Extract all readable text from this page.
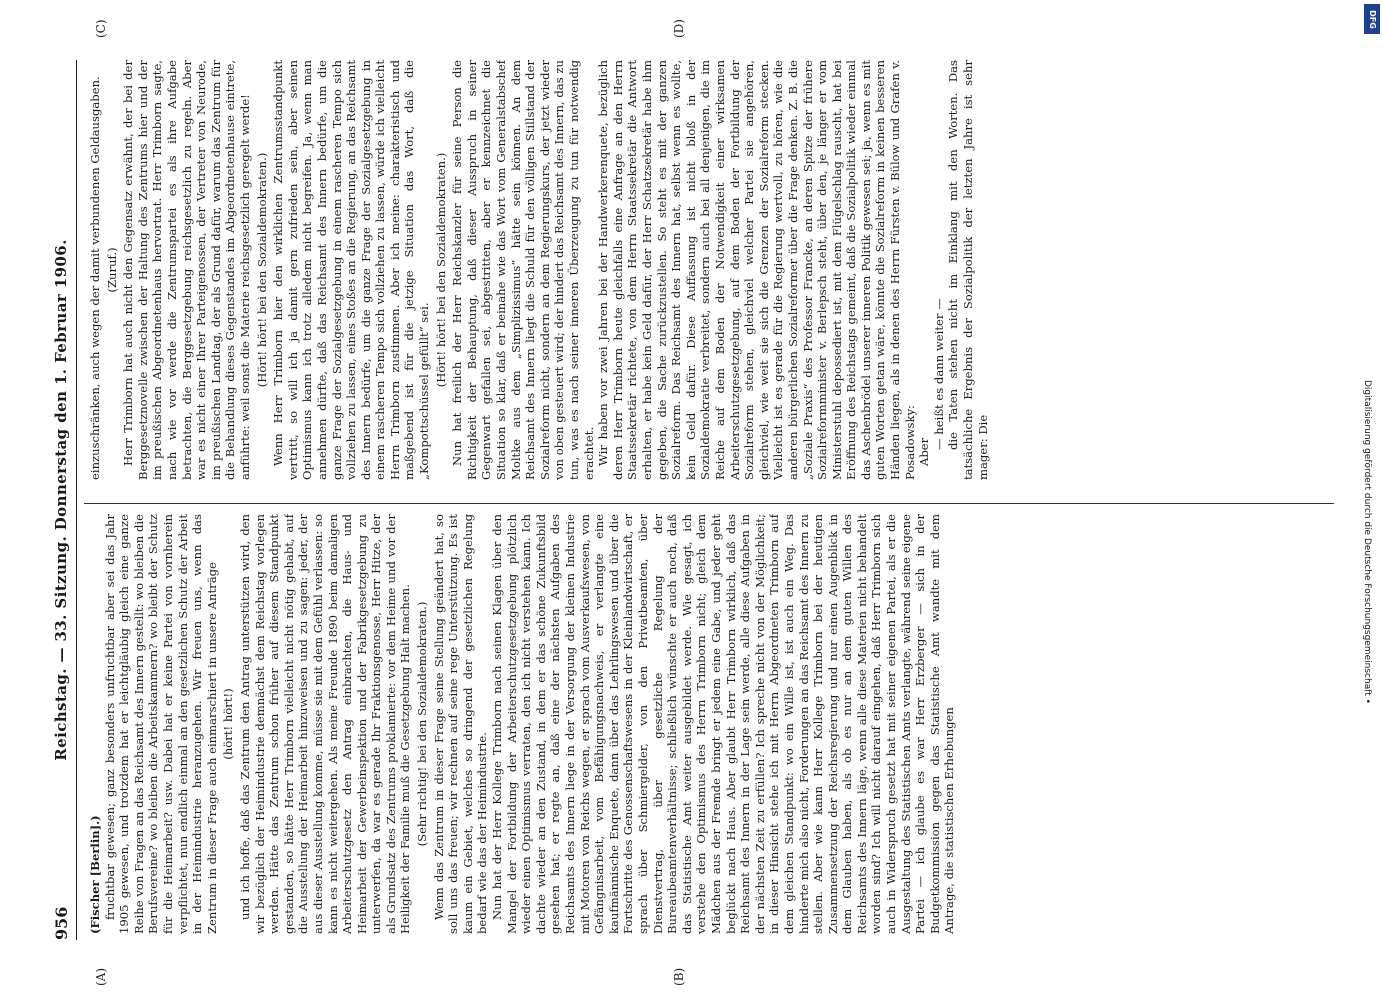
956
Reichstag. — 33. Sitzung. Donnerstag den 1. Februar 1906.
(A)	(B)
(C)	(D)

(Fischer [Berlin].) fruchtbar gewesen; ganz besonders unfruchtbar aber sei das Jahr 1905 gewesen, und trotzdem hat er leichtgläubig gleich eine ganze Reihe von Fragen an das Reichsamt des Innern gestellt: wo bleiben die Berufsvereine? wo bleiben die Arbeitskammern? wo bleibt der Schutz für die Heimarbeit? usw. Dabei hat er keine Partei von vornherein verpflichtet, nun endlich einmal an den gesetzlichen Schutz der Arbeit in der Heimindustrie heranzugehen. Wir freuen uns, wenn das Zentrum in dieser Frage auch einmarschiert in unsere Anträge (hört! hört!) und ich hoffe, daß das Zentrum den Antrag unterstützen wird, den wir bezüglich der Heimindustrie demnächst dem Reichstag vorlegen werden. Hätte das Zentrum schon früher auf diesem Standpunkt gestanden, so hätte Herr Trimborn vielleicht nicht nötig gehabt, auf die Ausstellung der Heimarbeit hinzuweisen und zu sagen: jeder, der aus dieser Ausstellung komme, müsse sie mit dem Gefühl verlassen: so kann es nicht weitergehen. Als meine Freunde 1890 beim damaligen Arbeiterschutzgesetz den Antrag einbrachten, die Haus- und Heimarbeit der Gewerbeinspektion und der Fabrikgesetzgebung zu unterwerfen, da war es gerade Ihr Fraktionsgenosse, Herr Hitze, der als Grundsatz des Zentrums proklamierte: vor dem Heime und vor der Heiligkeit der Familie muß die Gesetzgebung Halt machen. (Sehr richtig! bei den Sozialdemokraten.) Wenn das Zentrum in dieser Frage seine Stellung geändert hat, so soll uns das freuen; wir rechnen auf seine rege Unterstützung. Es ist kaum ein Gebiet, welches so dringend der gesetzlichen Regelung bedarf wie das der Heimindustrie. Nun hat der Herr Kollege Trimborn nach seinen Klagen über den Mangel der Fortbildung der Arbeiterschutzgesetzgebung plötzlich wieder einen Optimismus verraten, den ich nicht verstehen kann. Ich dachte wieder an den Zustand, in dem er das schöne Zukunftsbild gesehen hat; er regte an, daß eine der nächsten Aufgaben des Reichsamts des Innern liege in der Versorgung der kleinen Industrie mit Motoren von Reichs wegen, er sprach vom Ausverkaufswesen, von Gefängnisarbeit, vom Befähigungsnachweis, er verlangte eine kaufmännische Enquete, dann über das Lehrlingswesen und über die Fortschritte des Genossenschaftswesens in der Kleinlandwirtschaft, er sprach über Schmiergelder, von den Privatbeamten, über Dienstvertrag, über gesetzliche Regelung der Bureaubeamtenverhältnisse; schließlich wünschte er auch noch, daß das Statistische Amt weiter ausgebildet werde. Wie gesagt, ich verstehe den Optimismus des Herrn Trimborn nicht; gleich dem Mädchen aus der Fremde bringt er jedem eine Gabe, und jeder geht beglückt nach Haus. Aber glaubt Herr Trimborn wirklich, daß das Reichsamt des Innern in der Lage sein werde, alle diese Aufgaben in der nächsten Zeit zu erfüllen? Ich spreche nicht von der Möglichkeit; in dieser Hinsicht stehe ich mit Herrn Abgeordneten Trimborn auf dem gleichen Standpunkt: wo ein Wille ist, ist auch ein Weg. Das hinderte mich also nicht, Forderungen an das Reichsamt des Innern zu stellen. Aber wie kann Herr Kollege Trimborn bei der heutigen Zusammensetzung der Reichsregierung und nur einen Augenblick in dem Glauben haben, als ob es nur an dem guten Willen des Reichsamts des Innern läge, wenn alle diese Materien nicht behandelt worden sind? Ich will nicht darauf eingehen, daß Herr Trimborn sich auch in Widerspruch gesetzt hat mit seiner eigenen Partei, als er die Ausgestaltung des Statistischen Amts verlangte, während seine eigene Partei — ich glaube es war Herr Erzberger — sich in der Budgetkommission gegen das Statistische Amt wandte mit dem Antrage, die statistischen Erhebungen

einzuschränken, auch wegen der damit verbundenen Geldausgaben. (Zuruf.) Herr Trimborn hat auch nicht den Gegensatz erwähnt, der bei der Berggesetznovelle zwischen der Haltung des Zentrums hier und der im preußischen Abgeordnetenhaus hervortrat. Herr Trimborn sagte, nach wie vor werde die Zentrumspartei es als ihre Aufgabe betrachten, die Berggesetzgebung reichsgesetzlich zu regeln. Aber war es nicht einer Ihrer Parteigenossen, der Vertreter von Neurode, im preußischen Landtag, der als Grund dafür, warum das Zentrum für die Behandlung dieses Gegenstandes im Abgeordnetenhause eintrete, anführte: weil sonst die Materie reichsgesetzlich geregelt werde! (Hört! hört! bei den Sozialdemokraten.) Wenn Herr Trimborn hier den wirklichen Zentrumsstandpunkt vertritt, so will ich ja damit gern zufrieden sein, aber seinen Optimismus kann ich trotz alledem nicht begreifen. Ja, wenn man annehmen dürfte, daß das Reichsamt des Innern bedürfe, um die ganze Frage der Sozialgesetzgebung in einem rascheren Tempo sich vollziehen zu lassen, eines Stoßes an die Regierung, an das Reichsamt des Innern bedürfe, um die ganze Frage der Sozialgesetzgebung in einem rascheren Tempo sich vollziehen zu lassen, würde ich vielleicht Herrn Trimborn zustimmen. Aber ich meine: charakteristisch und maßgebend ist für die jetzige Situation das Wort, daß die „Kompottschüssel gefüllt“ sei.

(Hört! hört! bei den Sozialdemokraten.) Nun hat freilich der Herr Reichskanzler für seine Person die Richtigkeit der Behauptung, daß dieser Ausspruch in seiner Gegenwart gefallen sei, abgestritten, aber er kennzeichnet die Situation so klar, daß er beinahe wie das Wort vom Generalstabschef Moltke aus dem „Simplizissimus“ hätte sein können. An dem Reichsamt des Innern liegt die Schuld für den völligen Stillstand der Sozialreform nicht, sondern an dem Regierungskurs, der jetzt wieder von oben gesteuert wird; der hindert das Reichsamt des Innern, das zu tun, was es nach seiner inneren Überzeugung zu tun für notwendig erachtet. Wir haben vor zwei Jahren bei der Handwerkerenquete, bezüglich deren Herr Trimborn heute gleichfalls eine Anfrage an den Herrn Staatssekretär richtete, von dem Herrn Staatssekretär die Antwort erhalten, er habe kein Geld dafür, der Herr Schatzsekretär habe ihm gegeben, die Sache zurückzustellen. So steht es mit der ganzen Sozialreform. Das Reichsamt des Innern hat, selbst wenn es wollte, kein Geld dafür. Diese Auffassung ist nicht bloß in der Sozialdemokratie verbreitet, sondern auch bei all denjenigen, die im Reiche auf dem Boden der Notwendigkeit einer wirksamen Arbeiterschutzgesetzgebung, auf dem Boden der Fortbildung der Sozialreform stehen, gleichviel welcher Partei sie angehören, gleichviel, wie weit sie sich die Grenzen der Sozialreform stecken. Vielleicht ist es gerade für die Regierung wertvoll, zu hören, wie die anderen bürgerlichen Sozialreformer über die Frage denken. Z. B. die „Soziale Praxis“ des Professor Francke, an deren Spitze der frühere Sozialreformminister v. Berlepsch steht, über den, je länger er vom Ministerstuhl depossediert ist, mit dem Flügelschlag rauscht, hat bei Eröffnung des Reichstags gemeint, daß die Sozialpolitik wieder einmal das Aschenbrödel unserer inneren Politik gewesen sei; ja, wenn es mit guten Worten getan wäre, könnte die Sozialreform in keinen besseren Händen liegen, als in denen des Herrn Fürsten v. Bülow und Grafen v. Posadowsky: Aber

— heißt es dann weiter — die Taten stehen nicht im Einklang mit den Worten. Das tatsächliche Ergebnis der Sozialpolitik der letzten Jahre ist sehr mager: Die

DFG
Digitalisierung gefördert durch die Deutsche Forschungsgemeinschaft •
